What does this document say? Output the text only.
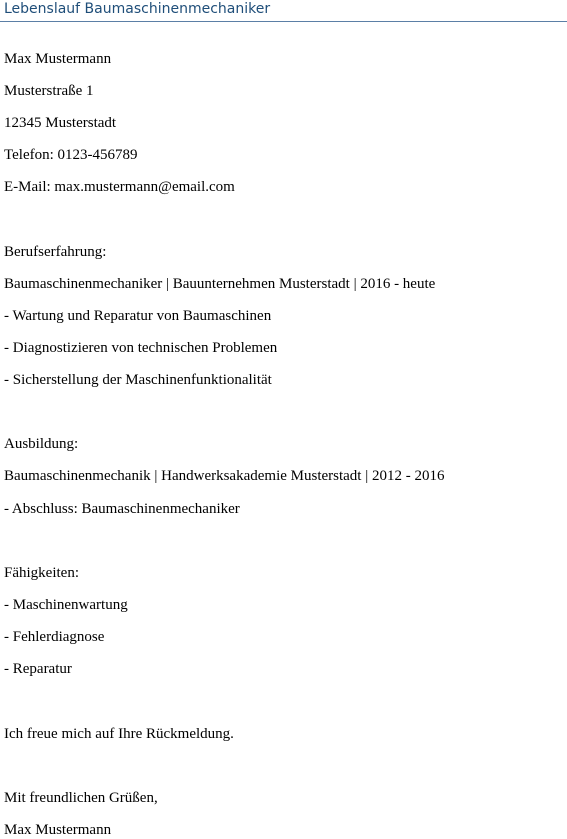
Lebenslauf Baumaschinenmechaniker
Max Mustermann
Musterstraße 1
12345 Musterstadt
Telefon: 0123-456789
E-Mail: max.mustermann@email.com
Berufserfahrung:
Baumaschinenmechaniker | Bauunternehmen Musterstadt | 2016 - heute
- Wartung und Reparatur von Baumaschinen
- Diagnostizieren von technischen Problemen
- Sicherstellung der Maschinenfunktionalität
Ausbildung:
Baumaschinenmechanik | Handwerksakademie Musterstadt | 2012 - 2016
- Abschluss: Baumaschinenmechaniker
Fähigkeiten:
- Maschinenwartung
- Fehlerdiagnose
- Reparatur
Ich freue mich auf Ihre Rückmeldung.
Mit freundlichen Grüßen,
Max Mustermann
